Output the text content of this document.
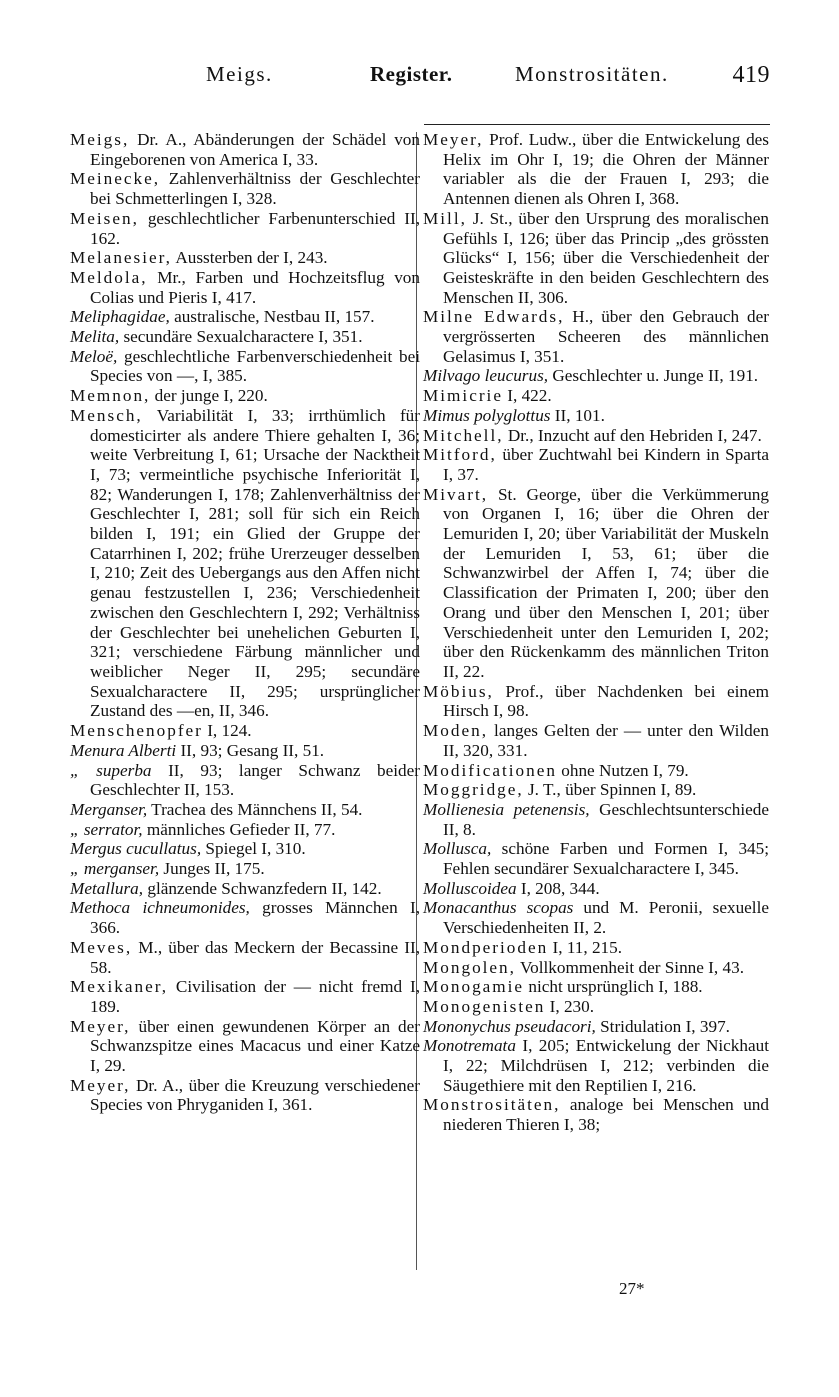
Meigs.	Register.	Monstrositäten.	419

Meigs, Dr. A., Abänderungen der Schädel von Eingeborenen von America I, 33.

Meinecke, Zahlenverhältniss der Geschlechter bei Schmetterlingen I, 328.

Meisen, geschlechtlicher Farbenunterschied II, 162.

Melanesier, Aussterben der I, 243.

Meldola, Mr., Farben und Hochzeitsflug von Colias und Pieris I, 417.

Meliphagidae, australische, Nestbau II, 157.

Melita, secundäre Sexualcharactere I, 351.

Meloë, geschlechtliche Farbenverschiedenheit bei Species von —, I, 385.

Memnon, der junge I, 220.

Mensch, Variabilität I, 33; irrthümlich für domesticirter als andere Thiere gehalten I, 36; weite Verbreitung I, 61; Ursache der Nacktheit I, 73; vermeintliche psychische Inferiorität I, 82; Wanderungen I, 178; Zahlenverhältniss der Geschlechter I, 281; soll für sich ein Reich bilden I, 191; ein Glied der Gruppe der Catarrhinen I, 202; frühe Urerzeuger desselben I, 210; Zeit des Uebergangs aus den Affen nicht genau festzustellen I, 236; Verschiedenheit zwischen den Geschlechtern I, 292; Verhältniss der Geschlechter bei unehelichen Geburten I, 321; verschiedene Färbung männlicher und weiblicher Neger II, 295; secundäre Sexualcharactere II, 295; ursprünglicher Zustand des —en, II, 346.

Menschenopfer I, 124.

Menura Alberti II, 93; Gesang II, 51.

„ superba II, 93; langer Schwanz beider Geschlechter II, 153.

Merganser, Trachea des Männchens II, 54.

„ serrator, männliches Gefieder II, 77.

Mergus cucullatus, Spiegel I, 310.

„ merganser, Junges II, 175.

Metallura, glänzende Schwanzfedern II, 142.

Methoca ichneumonides, grosses Männchen I, 366.

Meves, M., über das Meckern der Becassine II, 58.

Mexikaner, Civilisation der — nicht fremd I, 189.

Meyer, über einen gewundenen Körper an der Schwanzspitze eines Macacus und einer Katze I, 29.

Meyer, Dr. A., über die Kreuzung verschiedener Species von Phryganiden I, 361.

Meyer, Prof. Ludw., über die Entwickelung des Helix im Ohr I, 19; die Ohren der Männer variabler als die der Frauen I, 293; die Antennen dienen als Ohren I, 368.

Mill, J. St., über den Ursprung des moralischen Gefühls I, 126; über das Princip „des grössten Glücks“ I, 156; über die Verschiedenheit der Geisteskräfte in den beiden Geschlechtern des Menschen II, 306.

Milne Edwards, H., über den Gebrauch der vergrösserten Scheeren des männlichen Gelasimus I, 351.

Milvago leucurus, Geschlechter u. Junge II, 191.

Mimicrie I, 422.

Mimus polyglottus II, 101.

Mitchell, Dr., Inzucht auf den Hebriden I, 247.

Mitford, über Zuchtwahl bei Kindern in Sparta I, 37.

Mivart, St. George, über die Verkümmerung von Organen I, 16; über die Ohren der Lemuriden I, 20; über Variabilität der Muskeln der Lemuriden I, 53, 61; über die Schwanzwirbel der Affen I, 74; über die Classification der Primaten I, 200; über den Orang und über den Menschen I, 201; über Verschiedenheit unter den Lemuriden I, 202; über den Rückenkamm des männlichen Triton II, 22.

Möbius, Prof., über Nachdenken bei einem Hirsch I, 98.

Moden, langes Gelten der — unter den Wilden II, 320, 331.

Modificationen ohne Nutzen I, 79.

Moggridge, J. T., über Spinnen I, 89.

Mollienesia petenensis, Geschlechtsunterschiede II, 8.

Mollusca, schöne Farben und Formen I, 345; Fehlen secundärer Sexualcharactere I, 345.

Molluscoidea I, 208, 344.

Monacanthus scopas und M. Peronii, sexuelle Verschiedenheiten II, 2.

Mondperioden I, 11, 215.

Mongolen, Vollkommenheit der Sinne I, 43.

Monogamie nicht ursprünglich I, 188.

Monogenisten I, 230.

Mononychus pseudacori, Stridulation I, 397.

Monotremata I, 205; Entwickelung der Nickhaut I, 22; Milchdrüsen I, 212; verbinden die Säugethiere mit den Reptilien I, 216.

Monstrositäten, analoge bei Menschen und niederen Thieren I, 38;

27*
